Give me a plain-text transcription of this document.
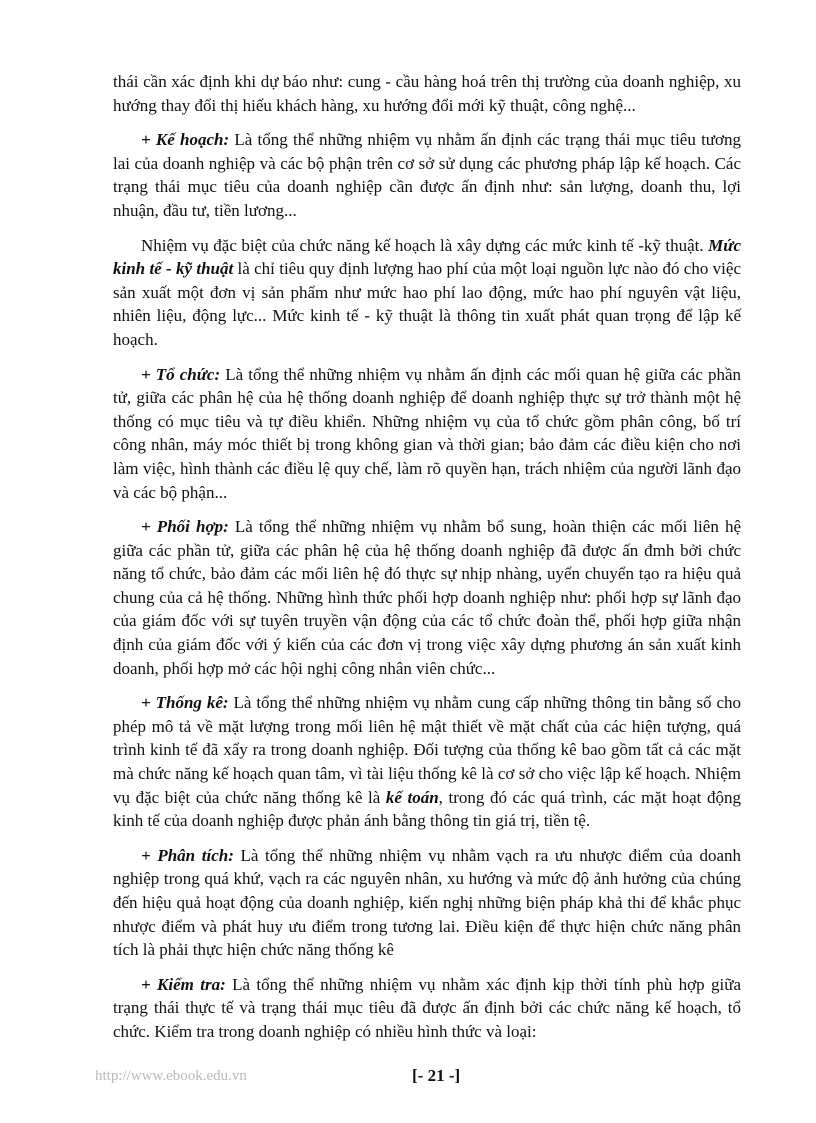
thái cần xác định khi dự báo như: cung - cầu hàng hoá trên thị trường của doanh nghiệp, xu hướng thay đổi thị hiếu khách hàng, xu hướng đổi mới kỹ thuật, công nghệ...

+ Kế hoạch: Là tổng thể những nhiệm vụ nhằm ấn định các trạng thái mục tiêu tương lai của doanh nghiệp và các bộ phận trên cơ sở sử dụng các phương pháp lập kế hoạch. Các trạng thái mục tiêu của doanh nghiệp cần được ấn định như: sản lượng, doanh thu, lợi nhuận, đầu tư, tiền lương...

Nhiệm vụ đặc biệt của chức năng kế hoạch là xây dựng các mức kinh tế -kỹ thuật. Mức kinh tế - kỹ thuật là chỉ tiêu quy định lượng hao phí của một loại nguồn lực nào đó cho việc sản xuất một đơn vị sản phẩm như mức hao phí lao động, mức hao phí nguyên vật liệu, nhiên liệu, động lực... Mức kinh tế - kỹ thuật là thông tin xuất phát quan trọng để lập kế hoạch.

+ Tổ chức: Là tổng thể những nhiệm vụ nhằm ấn định các mối quan hệ giữa các phần tử, giữa các phân hệ của hệ thống doanh nghiệp để doanh nghiệp thực sự trở thành một hệ thống có mục tiêu và tự điều khiển. Những nhiệm vụ của tổ chức gồm phân công, bố trí công nhân, máy móc thiết bị trong không gian và thời gian; bảo đảm các điều kiện cho nơi làm việc, hình thành các điều lệ quy chế, làm rõ quyền hạn, trách nhiệm của người lãnh đạo và các bộ phận...

+ Phối hợp: Là tổng thể những nhiệm vụ nhằm bổ sung, hoàn thiện các mối liên hệ giữa các phần tử, giữa các phân hệ của hệ thống doanh nghiệp đã được ấn đmh bởi chức năng tổ chức, bảo đảm các mối liên hệ đó thực sự nhịp nhàng, uyển chuyển tạo ra hiệu quả chung của cả hệ thống. Những hình thức phối hợp doanh nghiệp như: phối hợp sự lãnh đạo của giám đốc với sự tuyên truyền vận động của các tổ chức đoàn thể, phối hợp giữa nhận định của giám đốc với ý kiến của các đơn vị trong việc xây dựng phương án sản xuất kinh doanh, phối hợp mở các hội nghị công nhân viên chức...

+ Thống kê: Là tổng thể những nhiệm vụ nhằm cung cấp những thông tin bằng số cho phép mô tả về mặt lượng trong mối liên hệ mật thiết về mặt chất của các hiện tượng, quá trình kinh tế đã xẩy ra trong doanh nghiệp. Đối tượng của thống kê bao gồm tất cả các mặt mà chức năng kế hoạch quan tâm, vì tài liệu thống kê là cơ sở cho việc lập kế hoạch. Nhiệm vụ đặc biệt của chức năng thống kê là kế toán, trong đó các quá trình, các mặt hoạt động kinh tế của doanh nghiệp được phản ánh bằng thông tin giá trị, tiền tệ.

+ Phân tích: Là tổng thể những nhiệm vụ nhằm vạch ra ưu nhược điểm của doanh nghiệp trong quá khứ, vạch ra các nguyên nhân, xu hướng và mức độ ảnh hưởng của chúng đến hiệu quả hoạt động của doanh nghiệp, kiến nghị những biện pháp khả thi để khắc phục nhược điểm và phát huy ưu điểm trong tương lai. Điều kiện để thực hiện chức năng phân tích là phải thực hiện chức năng thống kê

+ Kiểm tra: Là tổng thể những nhiệm vụ nhằm xác định kịp thời tính phù hợp giữa trạng thái thực tế và trạng thái mục tiêu đã được ấn định bởi các chức năng kế hoạch, tổ chức. Kiểm tra trong doanh nghiệp có nhiều hình thức và loại:

http://www.ebook.edu.vn	[- 21 -]
